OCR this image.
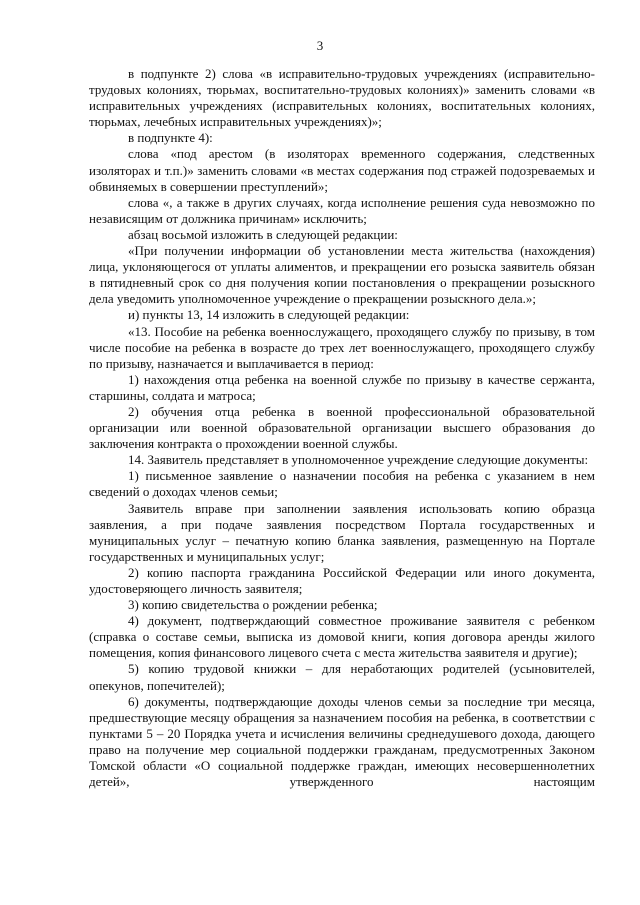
3

в подпункте 2) слова «в исправительно-трудовых учреждениях (исправительно-трудовых колониях, тюрьмах, воспитательно-трудовых колониях)» заменить словами «в исправительных учреждениях (исправительных колониях, воспитательных колониях, тюрьмах, лечебных исправительных учреждениях)»;

в подпункте 4):

слова «под арестом (в изоляторах временного содержания, следственных изоляторах и т.п.)» заменить словами «в местах содержания под стражей подозреваемых и обвиняемых в совершении преступлений»;

слова «, а также в других случаях, когда исполнение решения суда невозможно по независящим от должника причинам» исключить;

абзац восьмой изложить в следующей редакции:

«При получении информации об установлении места жительства (нахождения) лица, уклоняющегося от уплаты алиментов, и прекращении его розыска заявитель обязан в пятидневный срок со дня получения копии постановления о прекращении розыскного дела уведомить уполномоченное учреждение о прекращении розыскного дела.»;

и) пункты 13, 14 изложить в следующей редакции:

«13. Пособие на ребенка военнослужащего, проходящего службу по призыву, в том числе пособие на ребенка в возрасте до трех лет военнослужащего, проходящего службу по призыву, назначается и выплачивается в период:

1) нахождения отца ребенка на военной службе по призыву в качестве сержанта, старшины, солдата и матроса;

2) обучения отца ребенка в военной профессиональной образовательной организации или военной образовательной организации высшего образования до заключения контракта о прохождении военной службы.

14. Заявитель представляет в уполномоченное учреждение следующие документы:

1) письменное заявление о назначении пособия на ребенка с указанием в нем сведений о доходах членов семьи;

Заявитель вправе при заполнении заявления использовать копию образца заявления, а при подаче заявления посредством Портала государственных и муниципальных услуг – печатную копию бланка заявления, размещенную на Портале государственных и муниципальных услуг;

2) копию паспорта гражданина Российской Федерации или иного документа, удостоверяющего личность заявителя;

3) копию свидетельства о рождении ребенка;

4) документ, подтверждающий совместное проживание заявителя с ребенком (справка о составе семьи, выписка из домовой книги, копия договора аренды жилого помещения, копия финансового лицевого счета с места жительства заявителя и другие);

5) копию трудовой книжки – для неработающих родителей (усыновителей, опекунов, попечителей);

6) документы, подтверждающие доходы членов семьи за последние три месяца, предшествующие месяцу обращения за назначением пособия на ребенка, в соответствии с пунктами 5 – 20 Порядка учета и исчисления величины среднедушевого дохода, дающего право на получение мер социальной поддержки гражданам, предусмотренных Законом Томской области «О социальной поддержке граждан, имеющих несовершеннолетних детей», утвержденного настоящим
